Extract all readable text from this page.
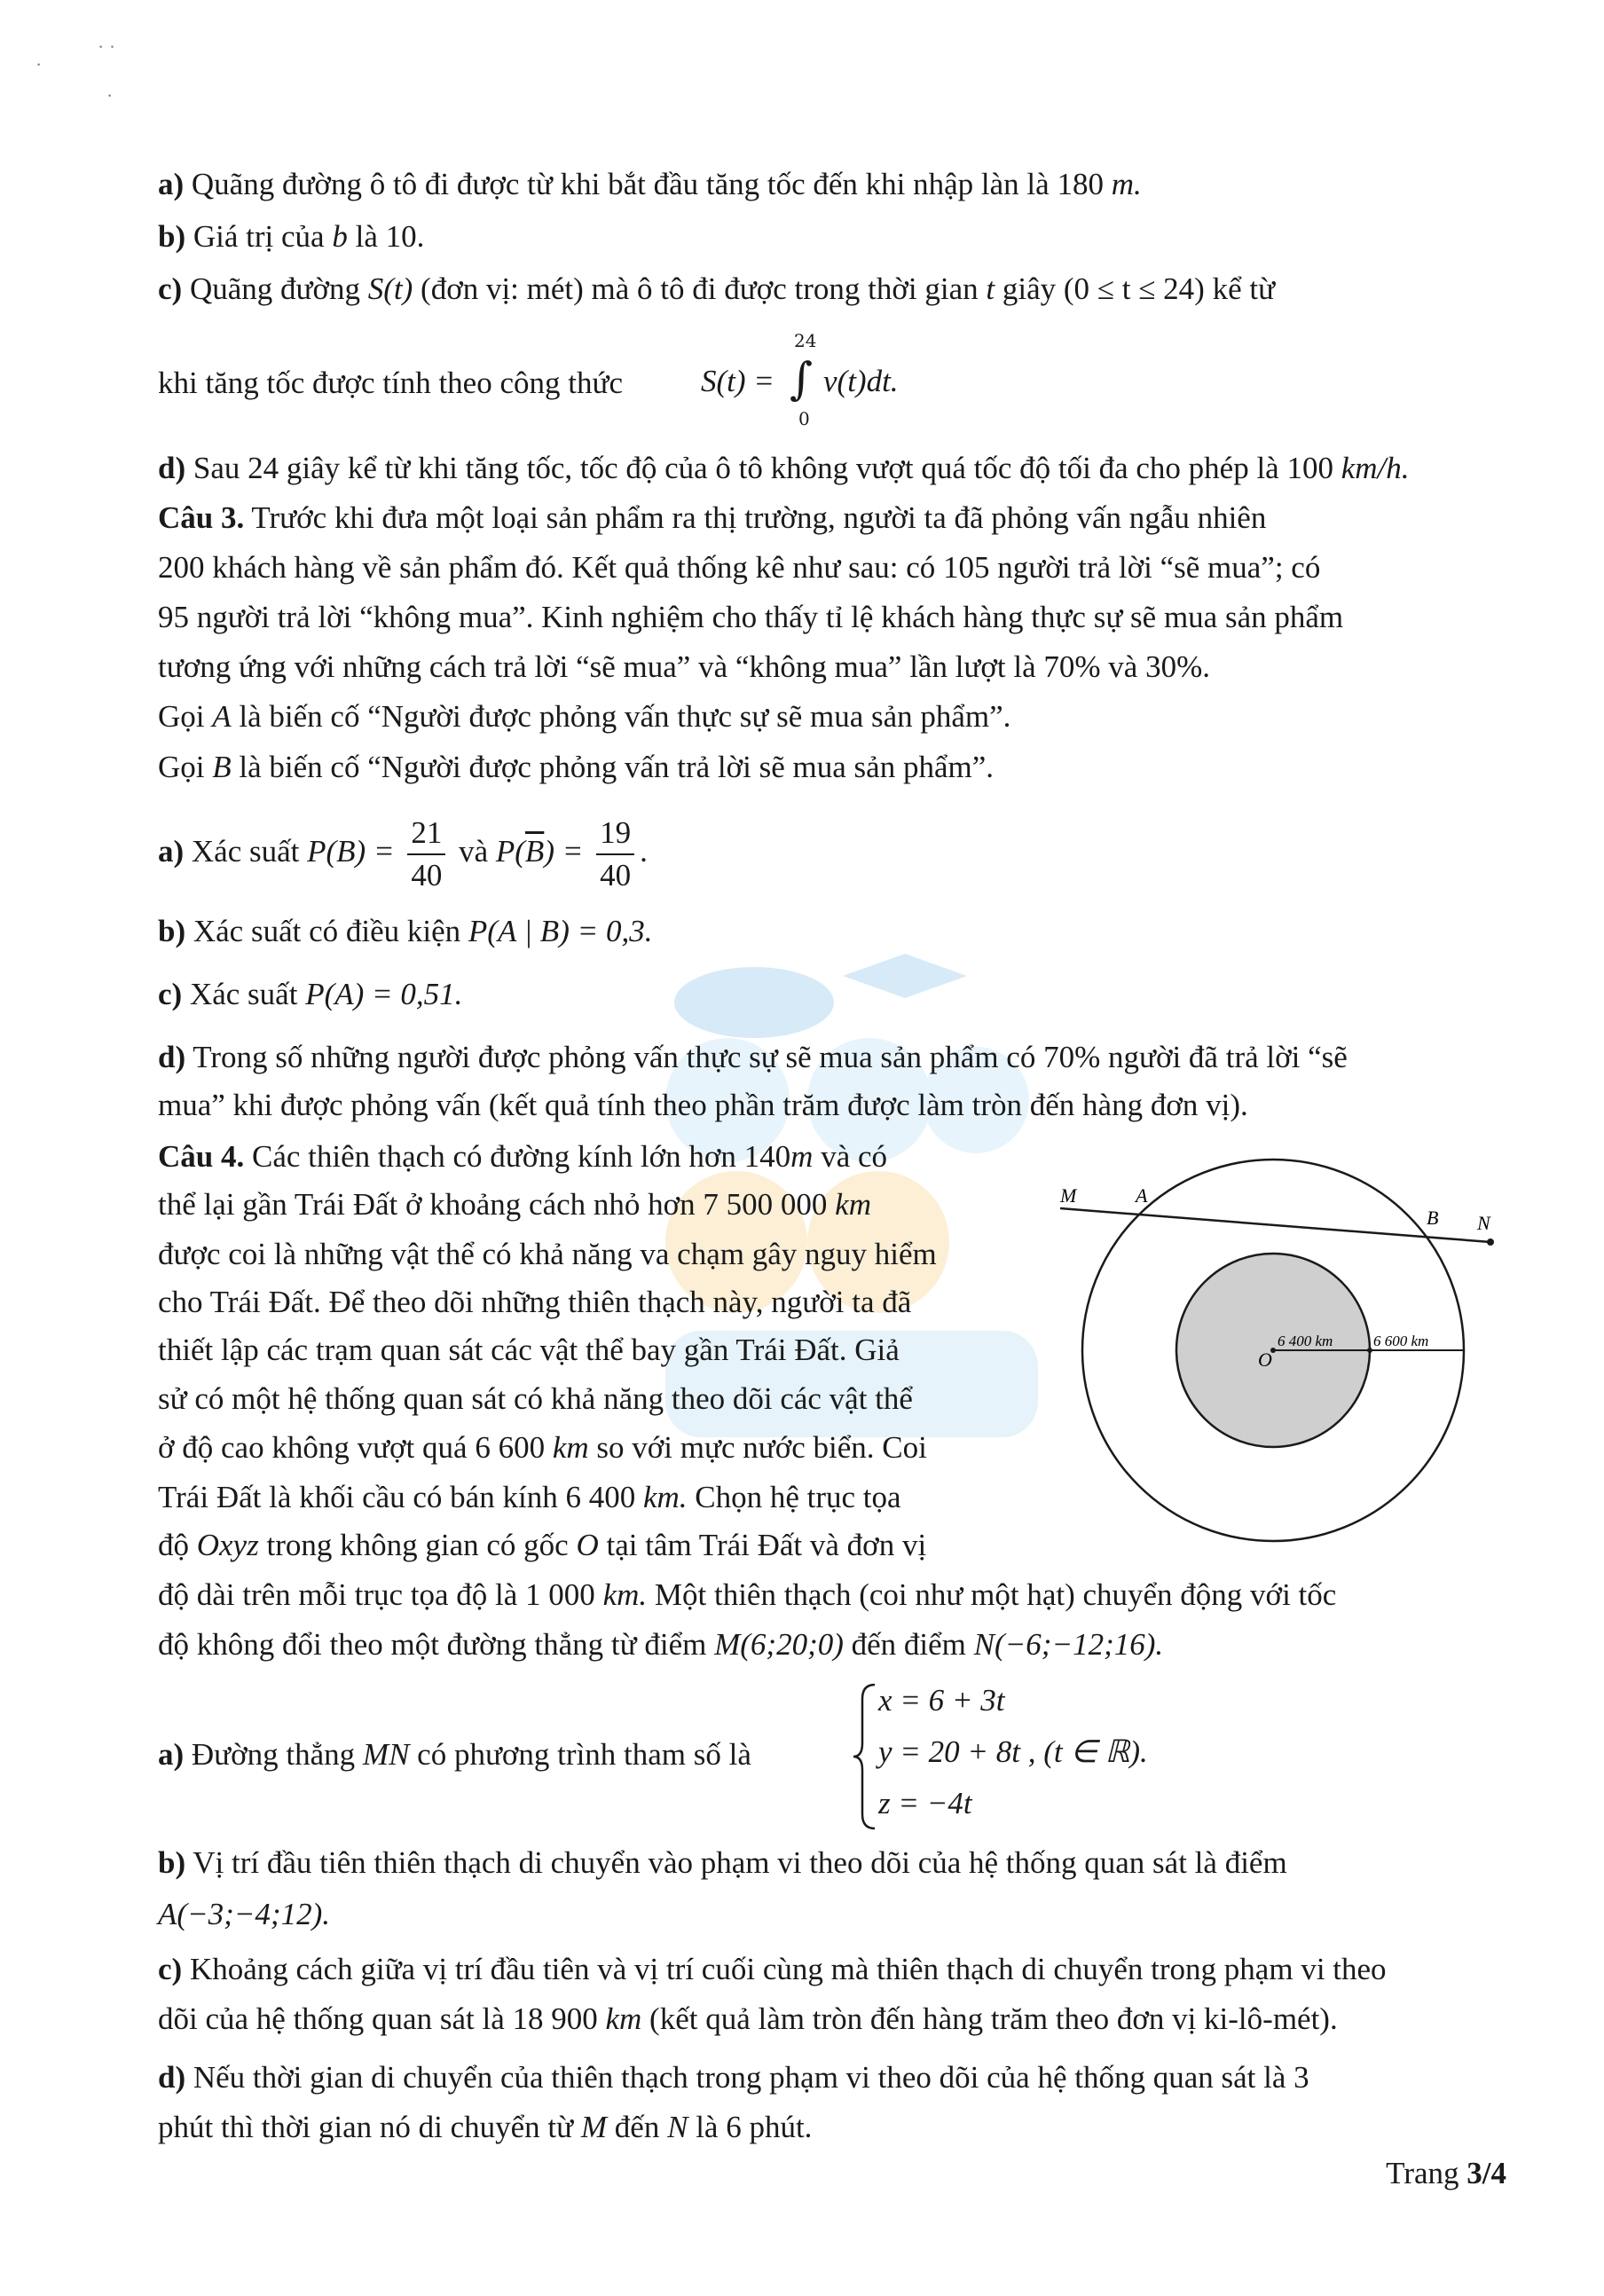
·
· ·
·
a) Quãng đường ô tô đi được từ khi bắt đầu tăng tốc đến khi nhập làn là 180 m.
b) Giá trị của b là 10.
c) Quãng đường S(t) (đơn vị: mét) mà ô tô đi được trong thời gian t giây (0 ≤ t ≤ 24) kể từ
khi tăng tốc được tính theo công thức	S(t) =
24
∫
0
v(t)dt.
d) Sau 24 giây kể từ khi tăng tốc, tốc độ của ô tô không vượt quá tốc độ tối đa cho phép là 100 km/h.
Câu 3. Trước khi đưa một loại sản phẩm ra thị trường, người ta đã phỏng vấn ngẫu nhiên
200 khách hàng về sản phẩm đó. Kết quả thống kê như sau: có 105 người trả lời “sẽ mua”; có
95 người trả lời “không mua”. Kinh nghiệm cho thấy tỉ lệ khách hàng thực sự sẽ mua sản phẩm
tương ứng với những cách trả lời “sẽ mua” và “không mua” lần lượt là 70% và 30%.
Gọi A là biến cố “Người được phỏng vấn thực sự sẽ mua sản phẩm”.
Gọi B là biến cố “Người được phỏng vấn trả lời sẽ mua sản phẩm”.
a) Xác suất $P(B) = \frac{21}{40}$ và $P(\overline{B}) = \frac{19}{40}$ .
b) Xác suất có điều kiện P(A | B) = 0,3.
c) Xác suất P(A) = 0,51.
d) Trong số những người được phỏng vấn thực sự sẽ mua sản phẩm có 70% người đã trả lời “sẽ
mua” khi được phỏng vấn (kết quả tính theo phần trăm được làm tròn đến hàng đơn vị).
Câu 4. Các thiên thạch có đường kính lớn hơn 140m và có
thể lại gần Trái Đất ở khoảng cách nhỏ hơn 7 500 000 km
được coi là những vật thể có khả năng va chạm gây nguy hiểm
cho Trái Đất. Để theo dõi những thiên thạch này, người ta đã
thiết lập các trạm quan sát các vật thể bay gần Trái Đất. Giả
sử có một hệ thống quan sát có khả năng theo dõi các vật thể
ở độ cao không vượt quá 6 600 km so với mực nước biển. Coi
Trái Đất là khối cầu có bán kính 6 400 km. Chọn hệ trục tọa
độ Oxyz trong không gian có gốc O tại tâm Trái Đất và đơn vị
độ dài trên mỗi trục tọa độ là 1 000 km. Một thiên thạch (coi như một hạt) chuyển động với tốc
độ không đổi theo một đường thẳng từ điểm M(6;20;0) đến điểm N(−6;−12;16).
a) Đường thẳng MN có phương trình tham số là
x = 6 + 3t
y = 20 + 8t , (t ∈ ℝ).
z = −4t
b) Vị trí đầu tiên thiên thạch di chuyển vào phạm vi theo dõi của hệ thống quan sát là điểm
A(−3;−4;12).
c) Khoảng cách giữa vị trí đầu tiên và vị trí cuối cùng mà thiên thạch di chuyển trong phạm vi theo
dõi của hệ thống quan sát là 18 900 km (kết quả làm tròn đến hàng trăm theo đơn vị ki-lô-mét).
d) Nếu thời gian di chuyển của thiên thạch trong phạm vi theo dõi của hệ thống quan sát là 3
phút thì thời gian nó di chuyển từ M đến N là 6 phút.
M	A
B N
O
6 400 km	6 600 km
Trang 3/4
